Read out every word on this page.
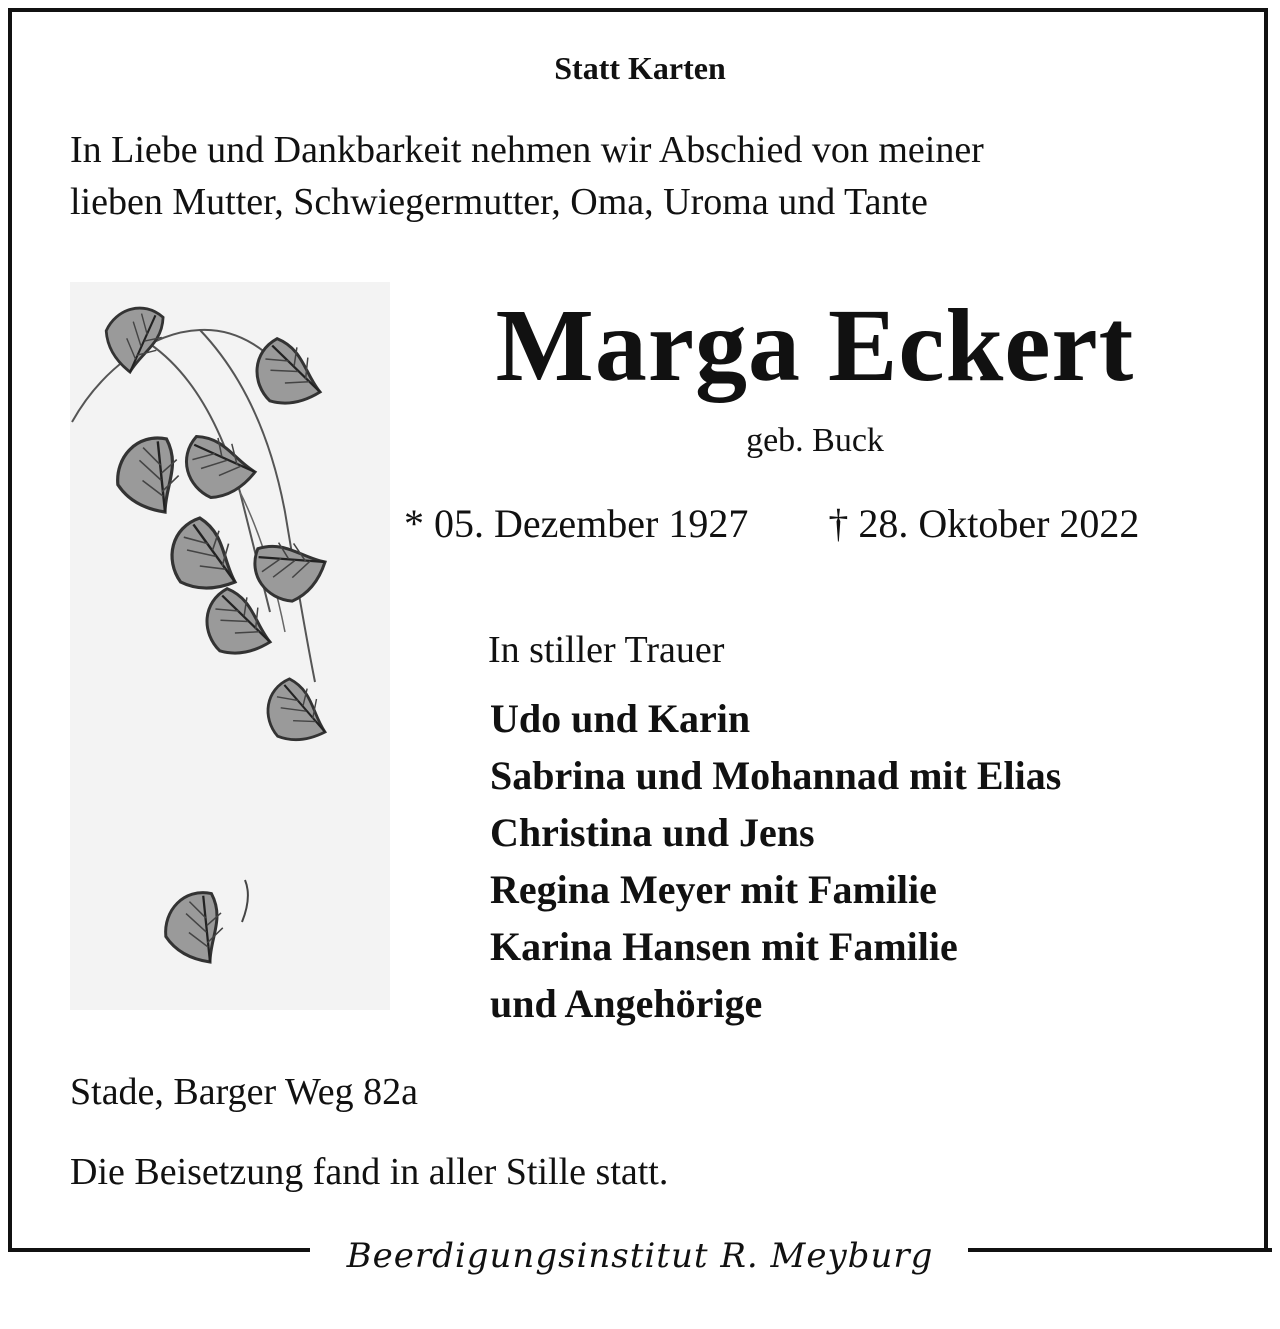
Statt Karten
In Liebe und Dankbarkeit nehmen wir Abschied von meiner
lieben Mutter, Schwiegermutter, Oma, Uroma und Tante
Marga Eckert
geb. Buck
* 05. Dezember 1927 † 28. Oktober 2022
In stiller Trauer
Udo und Karin
Sabrina und Mohannad mit Elias
Christina und Jens
Regina Meyer mit Familie
Karina Hansen mit Familie
und Angehörige
Stade, Barger Weg 82a
Die Beisetzung fand in aller Stille statt.
Beerdigungsinstitut R. Meyburg
